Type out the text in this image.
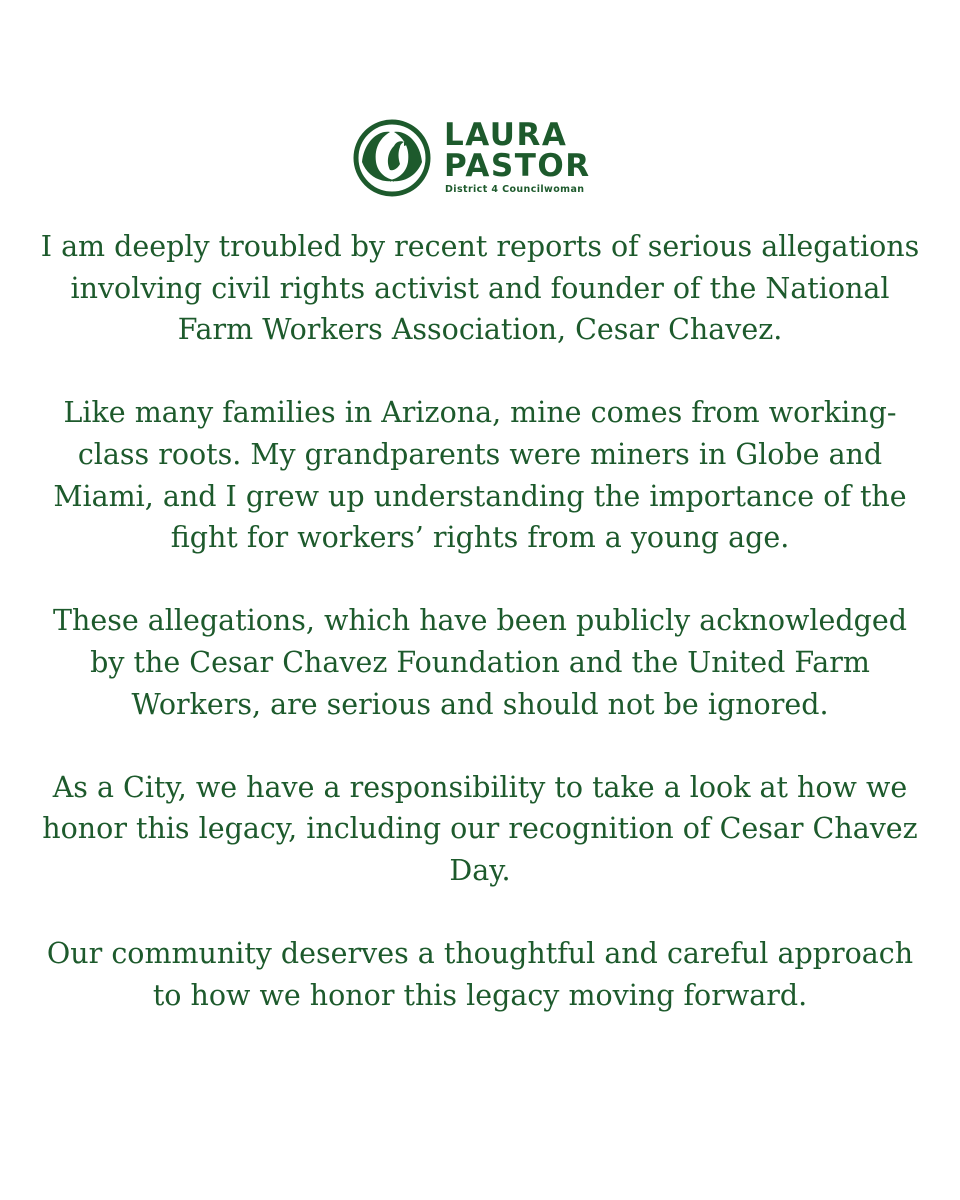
LAURA
PASTOR
District 4 Councilwoman

I am deeply troubled by recent reports of serious allegations involving civil rights activist and founder of the National Farm Workers Association, Cesar Chavez.

Like many families in Arizona, mine comes from working-class roots. My grandparents were miners in Globe and Miami, and I grew up understanding the importance of the fight for workers’ rights from a young age.

These allegations, which have been publicly acknowledged by the Cesar Chavez Foundation and the United Farm Workers, are serious and should not be ignored.

As a City, we have a responsibility to take a look at how we honor this legacy, including our recognition of Cesar Chavez Day.

Our community deserves a thoughtful and careful approach to how we honor this legacy moving forward.
